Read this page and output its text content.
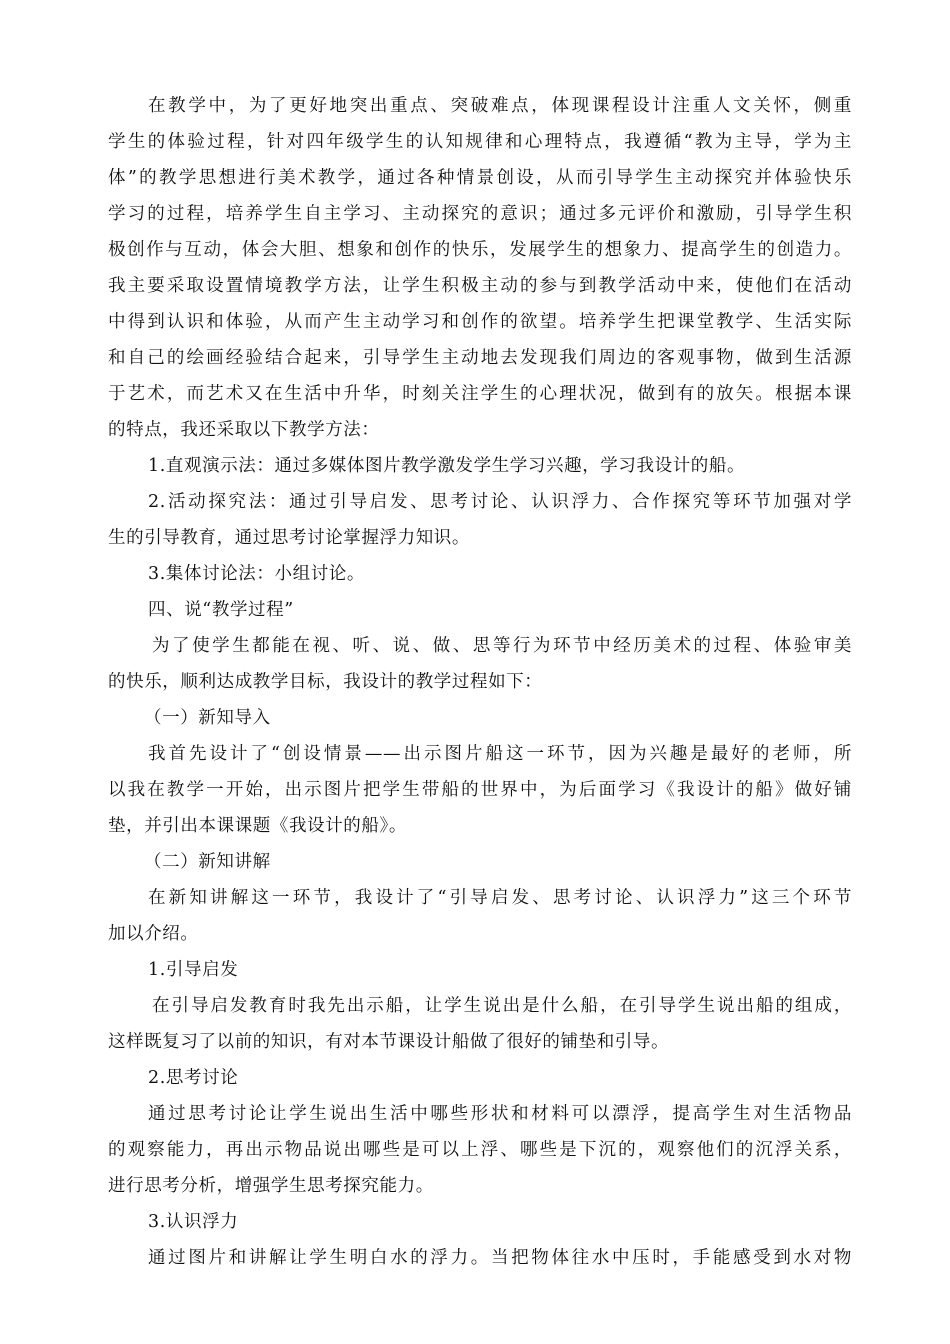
在教学中，为了更好地突出重点、突破难点，体现课程设计注重人文关怀，侧重
学生的体验过程，针对四年级学生的认知规律和心理特点，我遵循“教为主导，学为主
体”的教学思想进行美术教学，通过各种情景创设，从而引导学生主动探究并体验快乐
学习的过程，培养学生自主学习、主动探究的意识；通过多元评价和激励，引导学生积
极创作与互动，体会大胆、想象和创作的快乐，发展学生的想象力、提高学生的创造力。
我主要采取设置情境教学方法，让学生积极主动的参与到教学活动中来，使他们在活动
中得到认识和体验，从而产生主动学习和创作的欲望。培养学生把课堂教学、生活实际
和自己的绘画经验结合起来，引导学生主动地去发现我们周边的客观事物，做到生活源
于艺术，而艺术又在生活中升华，时刻关注学生的心理状况，做到有的放矢。根据本课
的特点，我还采取以下教学方法：
1.直观演示法：通过多媒体图片教学激发学生学习兴趣，学习我设计的船。
2.活动探究法：通过引导启发、思考讨论、认识浮力、合作探究等环节加强对学
生的引导教育，通过思考讨论掌握浮力知识。
3.集体讨论法：小组讨论。
四、说“教学过程”
为了使学生都能在视、听、说、做、思等行为环节中经历美术的过程、体验审美
的快乐，顺利达成教学目标，我设计的教学过程如下：
（一）新知导入
我首先设计了“创设情景——出示图片船这一环节，因为兴趣是最好的老师，所
以我在教学一开始，出示图片把学生带船的世界中，为后面学习《我设计的船》做好铺
垫，并引出本课课题《我设计的船》。
（二）新知讲解
在新知讲解这一环节，我设计了“引导启发、思考讨论、认识浮力”这三个环节
加以介绍。
1.引导启发
在引导启发教育时我先出示船，让学生说出是什么船，在引导学生说出船的组成，
这样既复习了以前的知识，有对本节课设计船做了很好的铺垫和引导。
2.思考讨论
通过思考讨论让学生说出生活中哪些形状和材料可以漂浮，提高学生对生活物品
的观察能力，再出示物品说出哪些是可以上浮、哪些是下沉的，观察他们的沉浮关系，
进行思考分析，增强学生思考探究能力。
3.认识浮力
通过图片和讲解让学生明白水的浮力。当把物体往水中压时，手能感受到水对物
